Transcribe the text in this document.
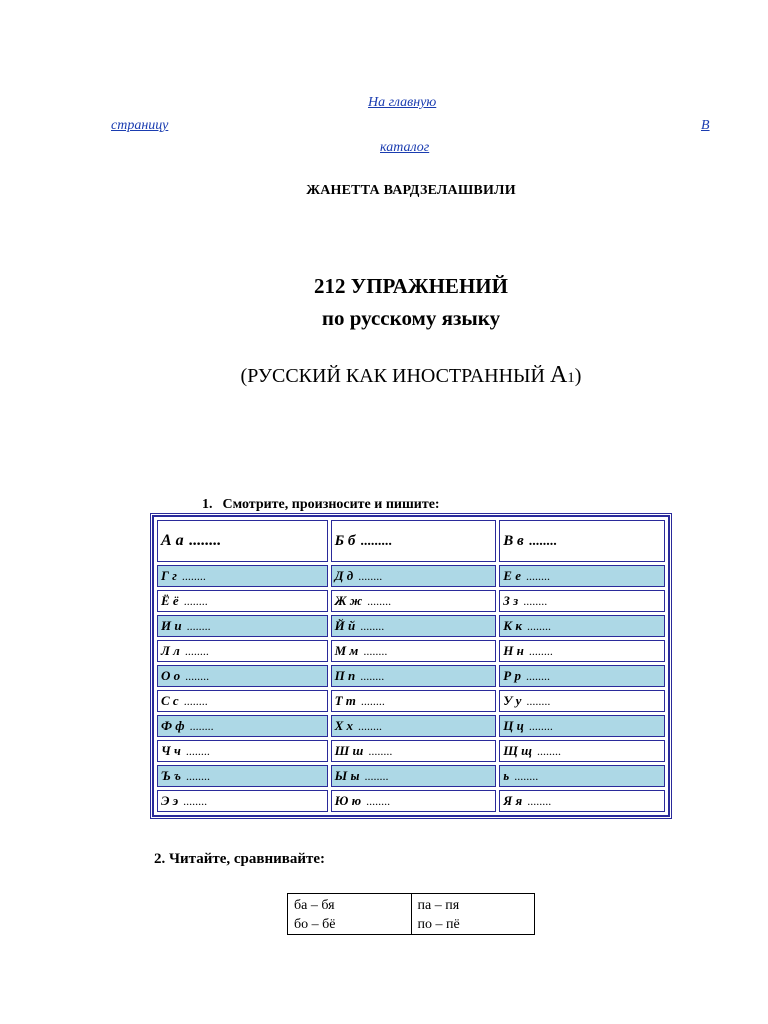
На главную
страницу	В
каталог
ЖАНЕТТА ВАРДЗЕЛАШВИЛИ
212 УПРАЖНЕНИЙ
по русскому языку
(РУССКИЙ КАК ИНОСТРАННЫЙ А1)
1. Смотрите, произносите и пишите:
А а ........	Б б .........	В в ........
Г г ........	Д д ........	Е е ........
Ё ё ........	Ж ж ........	З з ........
И и ........	Й й ........	К к ........
Л л ........	М м ........	Н н ........
О о ........	П п ........	Р р ........
С с ........	Т т ........	У у ........
Ф ф ........	Х х ........	Ц ц ........
Ч ч ........	Ш ш ........	Щ щ ........
Ъ ъ ........	Ы ы ........	ь ........
Э э ........	Ю ю ........	Я я ........
2. Читайте, сравнивайте:
ба – бя	па – пя
бо – бё	по – пё
